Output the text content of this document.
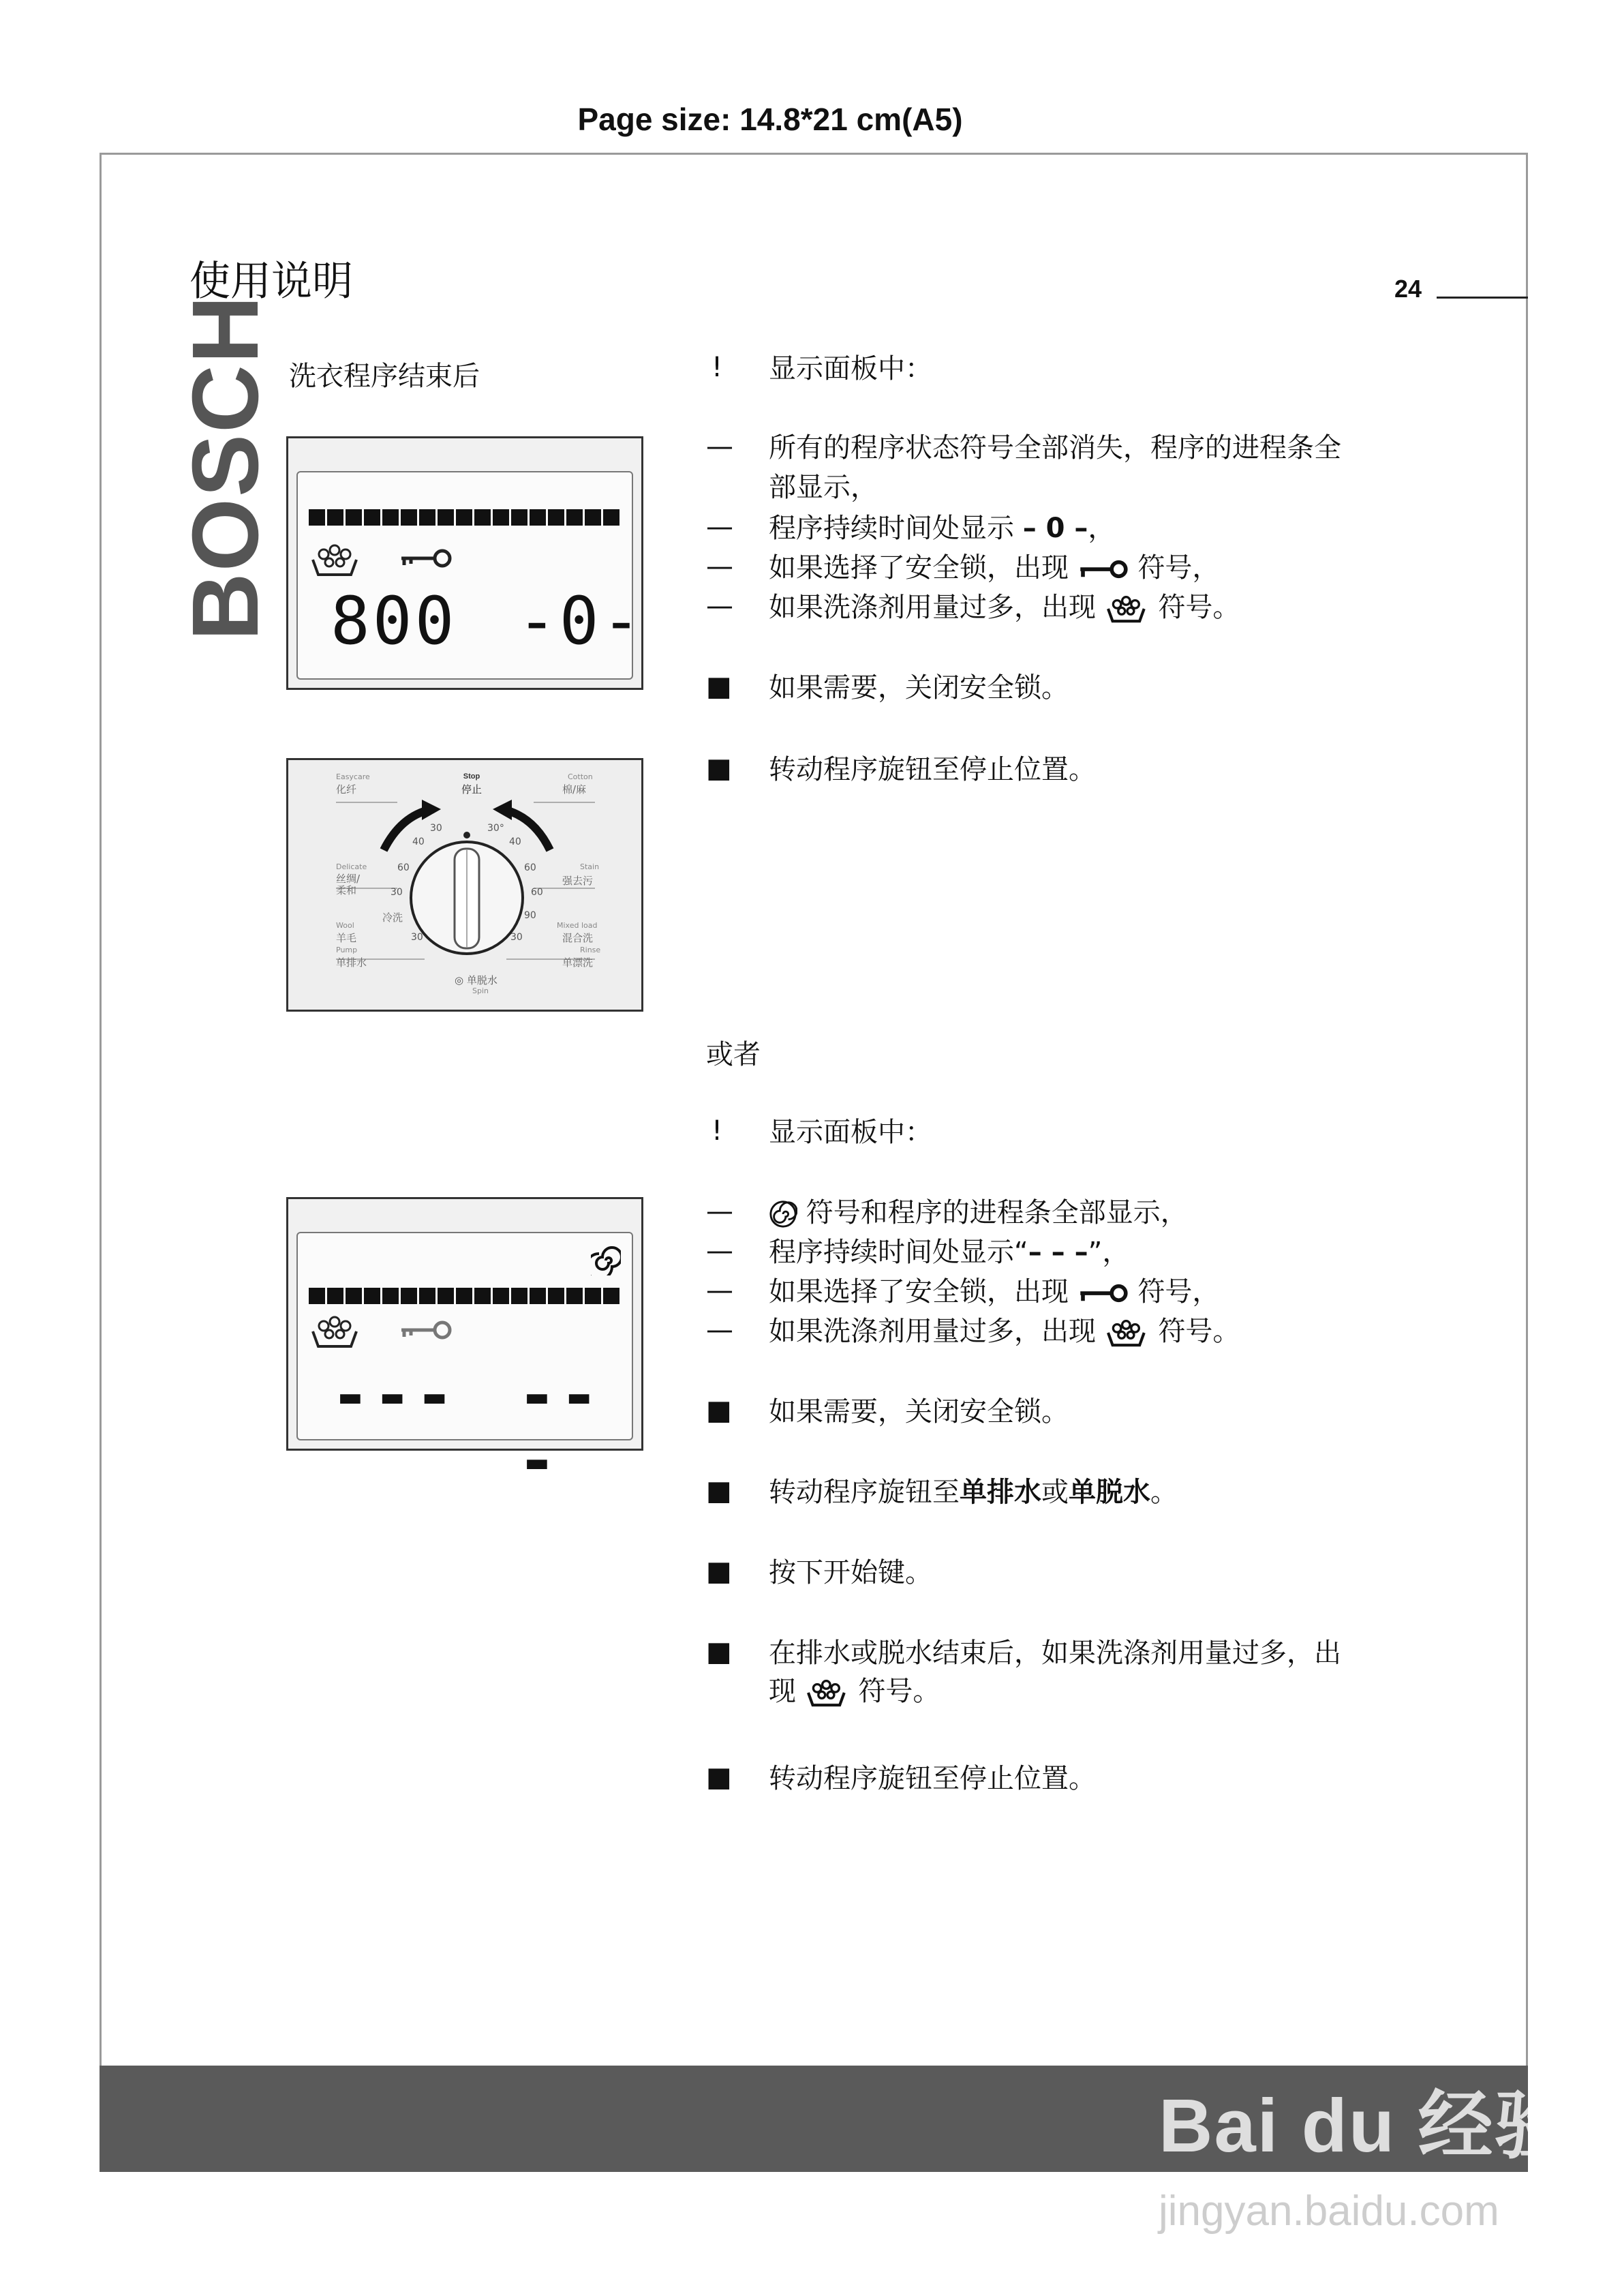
Page size: 14.8*21 cm(A5)
使用说明	24
BOSCH 洗衣程序结束后
800 -0-
Stop
停止
Easycare
化纤
Cotton
棉/麻
Delicate
丝绸/柔和
Stain
强去污
Wool
羊毛
Mixed load
混合洗
Pump
单排水
Rinse
单漂洗
◎ 单脱水
Spin
冷洗
30
40
60
30
30
30°
40
60
60
90
30
--- ---
! 显示面板中：
— 所有的程序状态符号全部消失，程序的进程条全
部显示，
— 程序持续时间处显示 – 0 –，
— 如果选择了安全锁，出现	符号，
— 如果洗涤剂用量过多，出现 符号。
■ 如果需要，关闭安全锁。
■ 转动程序旋钮至停止位置。
或者
! 显示面板中：
—	符号和程序的进程条全部显示，
— 程序持续时间处显示“– – –”，
— 如果选择了安全锁，出现	符号，
— 如果洗涤剂用量过多，出现 符号。
■ 如果需要，关闭安全锁。
■ 转动程序旋钮至单排水或单脱水。
■ 按下开始键。
■ 在排水或脱水结束后，如果洗涤剂用量过多，出
现 符号。
■ 转动程序旋钮至停止位置。
Bai du 经验
jingyan.baidu.com
